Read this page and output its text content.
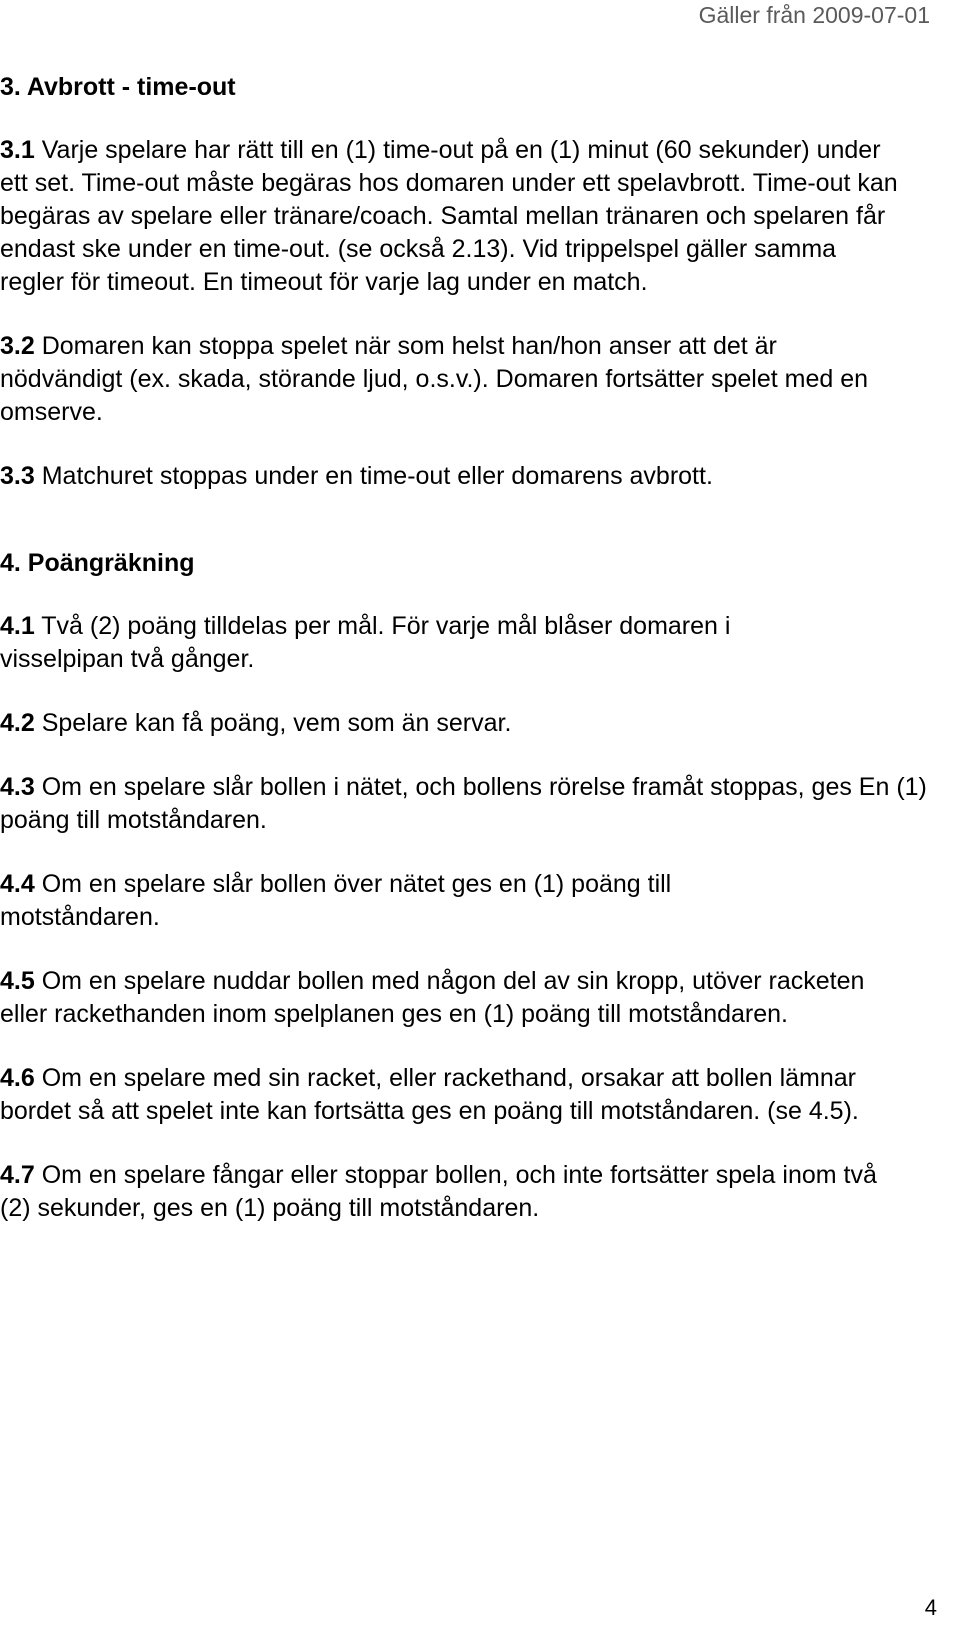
Gäller från 2009-07-01
3. Avbrott - time-out

3.1 Varje spelare har rätt till en (1) time-out på en (1) minut (60 sekunder) under ett set. Time-out måste begäras hos domaren under ett spelavbrott. Time-out kan begäras av spelare eller tränare/coach. Samtal mellan tränaren och spelaren får endast ske under en time-out. (se också 2.13). Vid trippelspel gäller samma regler för timeout. En timeout för varje lag under en match.

3.2 Domaren kan stoppa spelet när som helst han/hon anser att det är nödvändigt (ex. skada, störande ljud, o.s.v.). Domaren fortsätter spelet med en omserve.

3.3 Matchuret stoppas under en time-out eller domarens avbrott.

4. Poängräkning

4.1 Två (2) poäng tilldelas per mål. För varje mål blåser domaren i visselpipan två gånger.

4.2 Spelare kan få poäng, vem som än servar.

4.3 Om en spelare slår bollen i nätet, och bollens rörelse framåt stoppas, ges En (1) poäng till motståndaren.

4.4 Om en spelare slår bollen över nätet ges en (1) poäng till motståndaren.

4.5 Om en spelare nuddar bollen med någon del av sin kropp, utöver racketen eller rackethanden inom spelplanen ges en (1) poäng till motståndaren.

4.6 Om en spelare med sin racket, eller rackethand, orsakar att bollen lämnar bordet så att spelet inte kan fortsätta ges en poäng till motståndaren. (se 4.5).

4.7 Om en spelare fångar eller stoppar bollen, och inte fortsätter spela inom två (2) sekunder, ges en (1) poäng till motståndaren.

4
